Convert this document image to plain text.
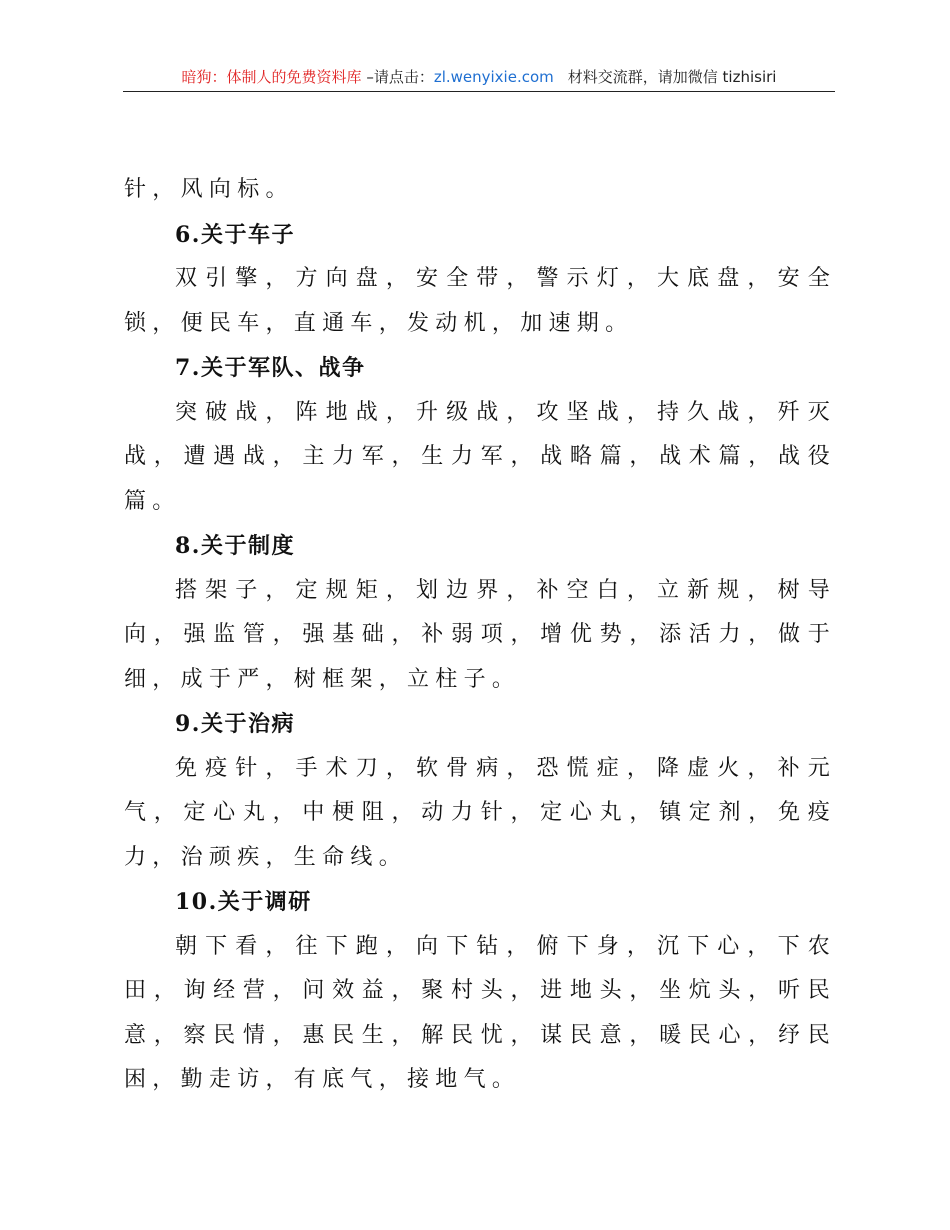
暗狗：体制人的免费资料库 –请点击：zl.wenyixie.com 材料交流群，请加微信 tizhisiri

针，风向标。

6.关于车子

双引擎，方向盘，安全带，警示灯，大底盘，安全锁，便民车，直通车，发动机，加速期。

7.关于军队、战争

突破战，阵地战，升级战，攻坚战，持久战，歼灭战，遭遇战，主力军，生力军，战略篇，战术篇，战役篇。

8.关于制度

搭架子，定规矩，划边界，补空白，立新规，树导向，强监管，强基础，补弱项，增优势，添活力，做于细，成于严，树框架，立柱子。

9.关于治病

免疫针，手术刀，软骨病，恐慌症，降虚火，补元气，定心丸，中梗阻，动力针，定心丸，镇定剂，免疫力，治顽疾，生命线。

10.关于调研

朝下看，往下跑，向下钻，俯下身，沉下心，下农田，询经营，问效益，聚村头，进地头，坐炕头，听民意，察民情，惠民生，解民忧，谋民意，暖民心，纾民困，勤走访，有底气，接地气。
